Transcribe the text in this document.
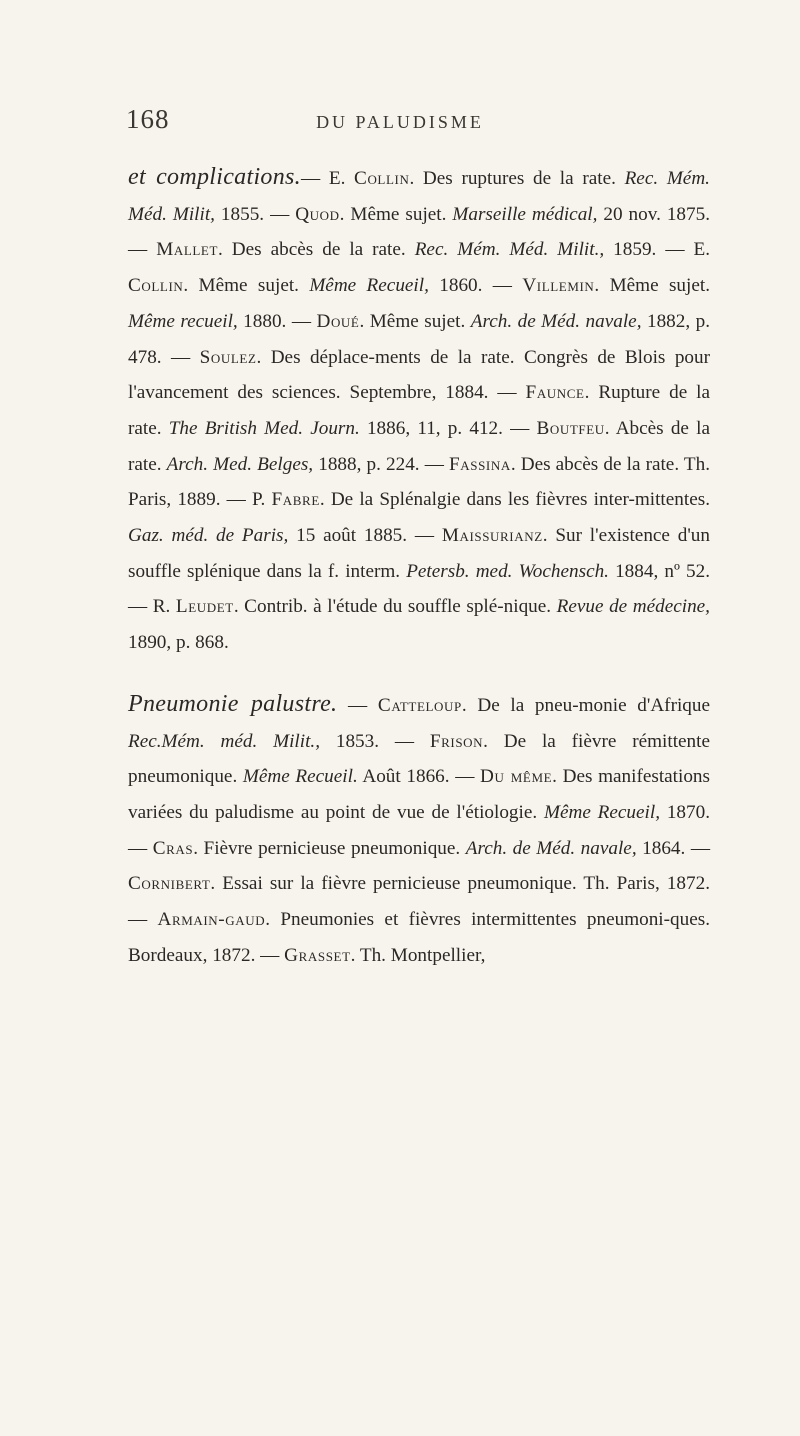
168	DU PALUDISME

et complications.— E. Collin. Des ruptures de la rate. Rec. Mém. Méd. Milit, 1855. — Quod. Même sujet. Marseille médical, 20 nov. 1875. — Mallet. Des abcès de la rate. Rec. Mém. Méd. Milit., 1859. — E. Collin. Même sujet. Même Recueil, 1860. — Villemin. Même sujet. Même recueil, 1880. — Doué. Même sujet. Arch. de Méd. navale, 1882, p. 478. — Soulez. Des déplace-ments de la rate. Congrès de Blois pour l'avancement des sciences. Septembre, 1884. — Faunce. Rupture de la rate. The British Med. Journ. 1886, 11, p. 412. — Boutfeu. Abcès de la rate. Arch. Med. Belges, 1888, p. 224. — Fassina. Des abcès de la rate. Th. Paris, 1889. — P. Fabre. De la Splénalgie dans les fièvres inter-mittentes. Gaz. méd. de Paris, 15 août 1885. — Maissurianz. Sur l'existence d'un souffle splénique dans la f. interm. Petersb. med. Wochensch. 1884, nº 52. — R. Leudet. Contrib. à l'étude du souffle splé-nique. Revue de médecine, 1890, p. 868.

Pneumonie palustre. — Catteloup. De la pneu-monie d'Afrique Rec.Mém. méd. Milit., 1853. — Frison. De la fièvre rémittente pneumonique. Même Recueil. Août 1866. — Du même. Des manifestations variées du paludisme au point de vue de l'étiologie. Même Recueil, 1870. — Cras. Fièvre pernicieuse pneumonique. Arch. de Méd. navale, 1864. — Cornibert. Essai sur la fièvre pernicieuse pneumonique. Th. Paris, 1872. — Armain-gaud. Pneumonies et fièvres intermittentes pneumoni-ques. Bordeaux, 1872. — Grasset. Th. Montpellier,
